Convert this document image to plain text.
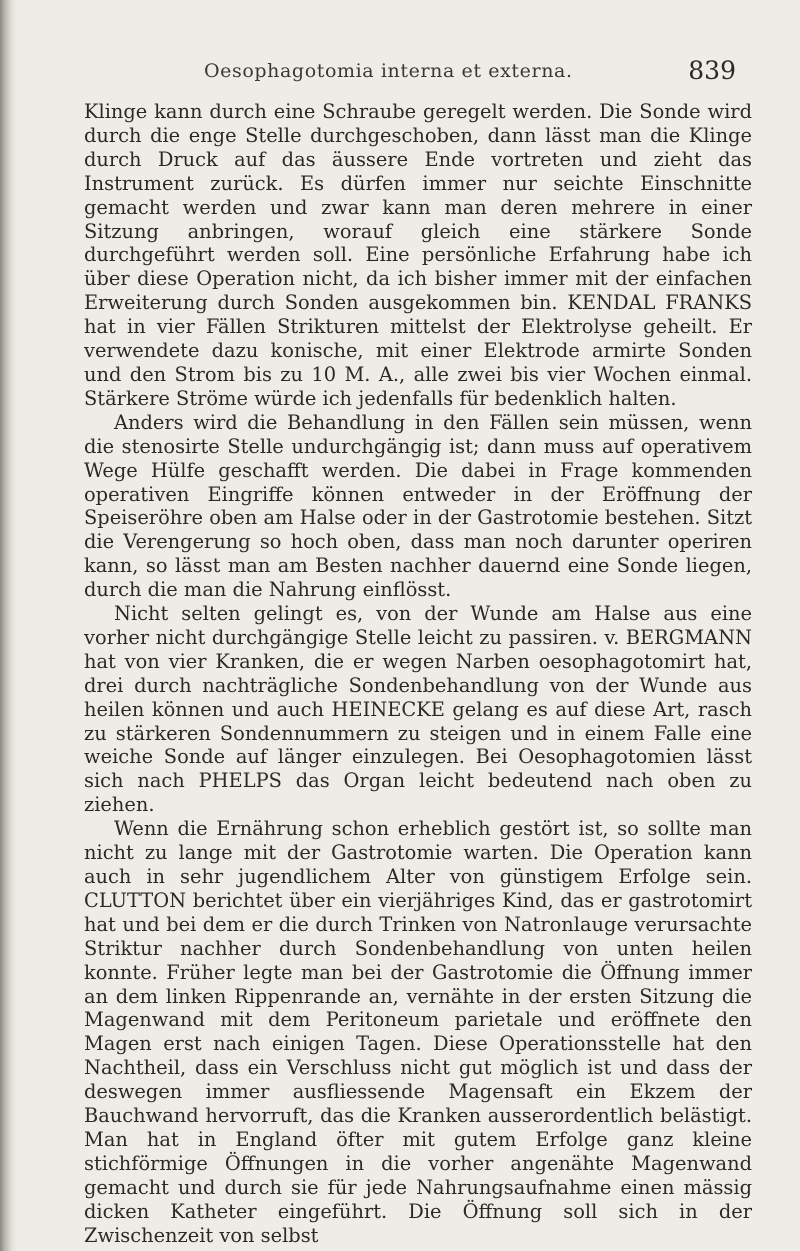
Oesophagotomia interna et externa.	839

Klinge kann durch eine Schraube geregelt werden. Die Sonde wird durch die enge Stelle durchgeschoben, dann lässt man die Klinge durch Druck auf das äussere Ende vortreten und zieht das Instrument zurück. Es dürfen immer nur seichte Einschnitte gemacht werden und zwar kann man deren mehrere in einer Sitzung anbringen, worauf gleich eine stärkere Sonde durchgeführt werden soll. Eine persönliche Erfahrung habe ich über diese Operation nicht, da ich bisher immer mit der einfachen Erweiterung durch Sonden ausgekommen bin. KENDAL FRANKS hat in vier Fällen Strikturen mittelst der Elektrolyse geheilt. Er verwendete dazu konische, mit einer Elektrode armirte Sonden und den Strom bis zu 10 M. A., alle zwei bis vier Wochen einmal. Stärkere Ströme würde ich jedenfalls für bedenklich halten.

Anders wird die Behandlung in den Fällen sein müssen, wenn die stenosirte Stelle undurchgängig ist; dann muss auf operativem Wege Hülfe geschafft werden. Die dabei in Frage kommenden operativen Eingriffe können entweder in der Eröffnung der Speiseröhre oben am Halse oder in der Gastrotomie bestehen. Sitzt die Verengerung so hoch oben, dass man noch darunter operiren kann, so lässt man am Besten nachher dauernd eine Sonde liegen, durch die man die Nahrung einflösst.

Nicht selten gelingt es, von der Wunde am Halse aus eine vorher nicht durchgängige Stelle leicht zu passiren. v. BERGMANN hat von vier Kranken, die er wegen Narben oesophagotomirt hat, drei durch nachträgliche Sondenbehandlung von der Wunde aus heilen können und auch HEINECKE gelang es auf diese Art, rasch zu stärkeren Sondennummern zu steigen und in einem Falle eine weiche Sonde auf länger einzulegen. Bei Oesophagotomien lässt sich nach PHELPS das Organ leicht bedeutend nach oben zu ziehen.

Wenn die Ernährung schon erheblich gestört ist, so sollte man nicht zu lange mit der Gastrotomie warten. Die Operation kann auch in sehr jugendlichem Alter von günstigem Erfolge sein. CLUTTON berichtet über ein vierjähriges Kind, das er gastrotomirt hat und bei dem er die durch Trinken von Natronlauge verursachte Striktur nachher durch Sondenbehandlung von unten heilen konnte. Früher legte man bei der Gastrotomie die Öffnung immer an dem linken Rippenrande an, vernähte in der ersten Sitzung die Magenwand mit dem Peritoneum parietale und eröffnete den Magen erst nach einigen Tagen. Diese Operationsstelle hat den Nachtheil, dass ein Verschluss nicht gut möglich ist und dass der deswegen immer ausfliessende Magensaft ein Ekzem der Bauchwand hervorruft, das die Kranken ausserordentlich belästigt. Man hat in England öfter mit gutem Erfolge ganz kleine stichförmige Öffnungen in die vorher angenähte Magenwand gemacht und durch sie für jede Nahrungsaufnahme einen mässig dicken Katheter eingeführt. Die Öffnung soll sich in der Zwischenzeit von selbst
